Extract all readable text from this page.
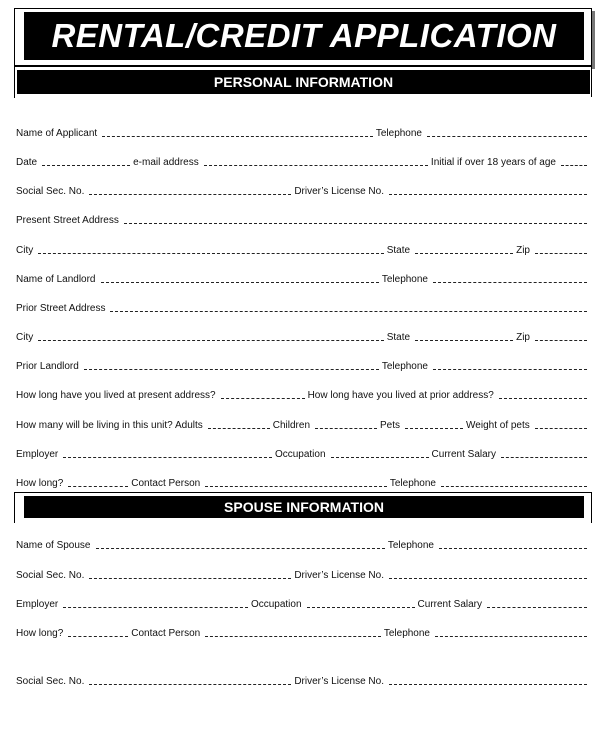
RENTAL/CREDIT APPLICATION
PERSONAL INFORMATION
Name of Applicant	Telephone
Date	e-mail address	Initial if over 18 years of age
Social Sec. No.	Driver’s License No.
Present Street Address
City	State	Zip
Name of Landlord	Telephone
Prior Street Address
City	State	Zip
Prior Landlord	Telephone
How long have you lived at present address?	How long have you lived at prior address?
How many will be living in this unit? Adults	Children	Pets	Weight of pets
Employer	Occupation	Current Salary
How long?	Contact Person	Telephone
SPOUSE INFORMATION
Name of Spouse	Telephone
Social Sec. No.	Driver’s License No.
Employer	Occupation	Current Salary
How long?	Contact Person	Telephone
Social Sec. No.	Driver’s License No.
